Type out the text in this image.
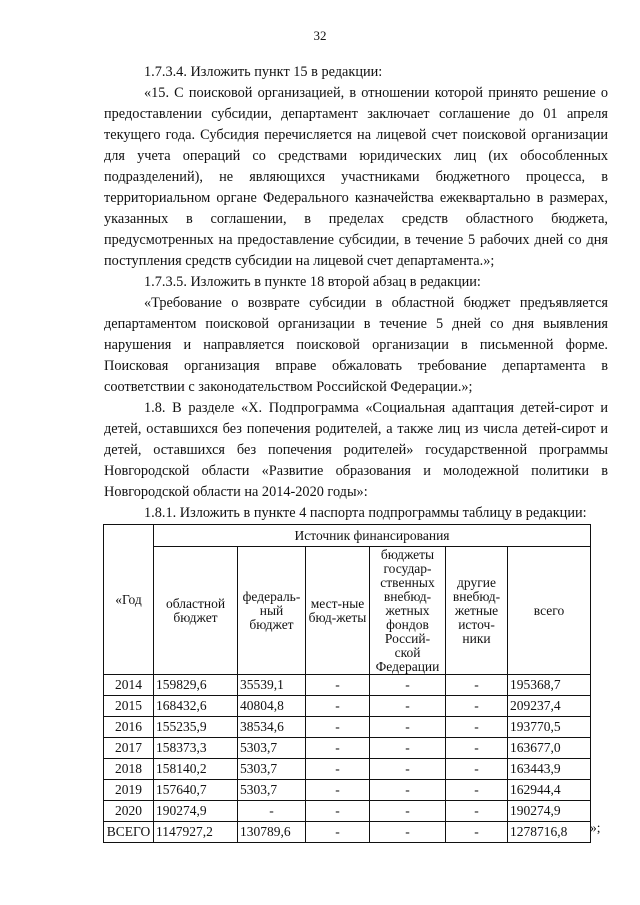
32

1.7.3.4. Изложить пункт 15 в редакции:

«15. С поисковой организацией, в отношении которой принято решение о предоставлении субсидии, департамент заключает соглашение до 01 апреля текущего года. Субсидия перечисляется на лицевой счет поисковой организации для учета операций со средствами юридических лиц (их обособленных подразделений), не являющихся участниками бюджетного процесса, в территориальном органе Федерального казначейства ежеквартально в размерах, указанных в соглашении, в пределах средств областного бюджета, предусмотренных на предоставление субсидии, в течение 5 рабочих дней со дня поступления средств субсидии на лицевой счет департамента.»;

1.7.3.5. Изложить в пункте 18 второй абзац в редакции:

«Требование о возврате субсидии в областной бюджет предъявляется департаментом поисковой организации в течение 5 дней со дня выявления нарушения и направляется поисковой организации в письменной форме. Поисковая организация вправе обжаловать требование департамента в соответствии с законодательством Российской Федерации.»;

1.8. В разделе «Х. Подпрограмма «Социальная адаптация детей-сирот и детей, оставшихся без попечения родителей, а также лиц из числа детей-сирот и детей, оставшихся без попечения родителей» государственной программы Новгородской области «Развитие образования и молодежной политики в Новгородской области на 2014-2020 годы»:

1.8.1. Изложить в пункте 4 паспорта подпрограммы таблицу в редакции:

«Год	Источник финансирования					
	областной бюджет	федераль-ный бюджет	мест-ные бюд-жеты	бюджеты государ-ственных внебюд-жетных фондов Россий-ской Федерации	другие внебюд-жетные источ-ники	всего
2014	159829,6	35539,1	-	-	-	195368,7
2015	168432,6	40804,8	-	-	-	209237,4
2016	155235,9	38534,6	-	-	-	193770,5
2017	158373,3	5303,7	-	-	-	163677,0
2018	158140,2	5303,7	-	-	-	163443,9
2019	157640,7	5303,7	-	-	-	162944,4
2020	190274,9	-	-	-	-	190274,9
ВСЕГО	1147927,2	130789,6	-	-	-	1278716,8 »;
